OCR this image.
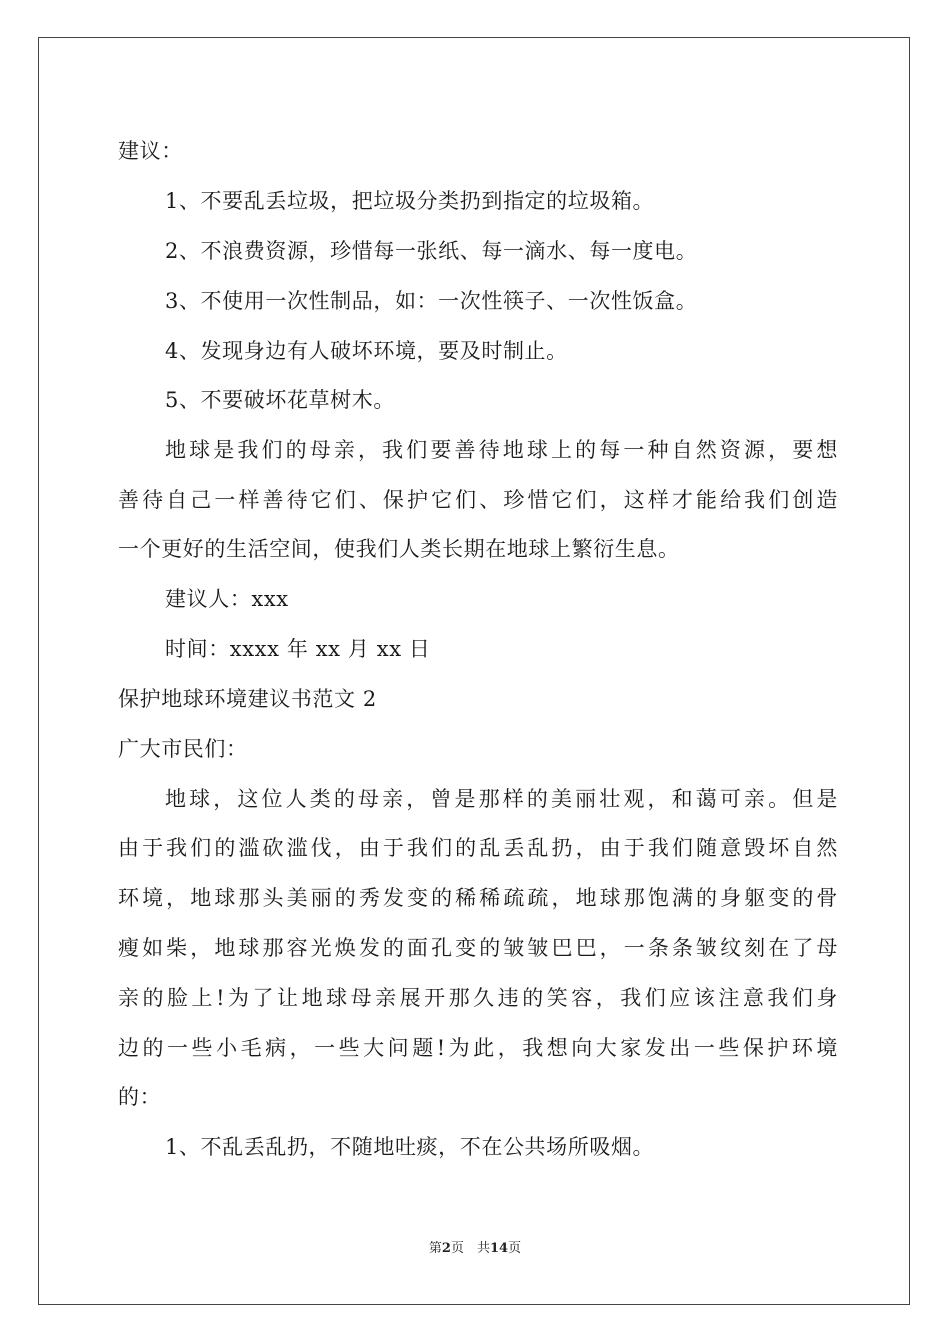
建议：
1、不要乱丢垃圾，把垃圾分类扔到指定的垃圾箱。
2、不浪费资源，珍惜每一张纸、每一滴水、每一度电。
3、不使用一次性制品，如：一次性筷子、一次性饭盒。
4、发现身边有人破坏环境，要及时制止。
5、不要破坏花草树木。
地球是我们的母亲，我们要善待地球上的每一种自然资源，要想
善待自己一样善待它们、保护它们、珍惜它们，这样才能给我们创造
一个更好的生活空间，使我们人类长期在地球上繁衍生息。
建议人：xxx
时间：xxxx 年 xx 月 xx 日
保护地球环境建议书范文 2
广大市民们：
地球，这位人类的母亲，曾是那样的美丽壮观，和蔼可亲。但是
由于我们的滥砍滥伐，由于我们的乱丢乱扔，由于我们随意毁坏自然
环境，地球那头美丽的秀发变的稀稀疏疏，地球那饱满的身躯变的骨
瘦如柴，地球那容光焕发的面孔变的皱皱巴巴，一条条皱纹刻在了母
亲的脸上!为了让地球母亲展开那久违的笑容，我们应该注意我们身
边的一些小毛病，一些大问题!为此，我想向大家发出一些保护环境
的：
1、不乱丢乱扔，不随地吐痰，不在公共场所吸烟。
第2页　共14页
